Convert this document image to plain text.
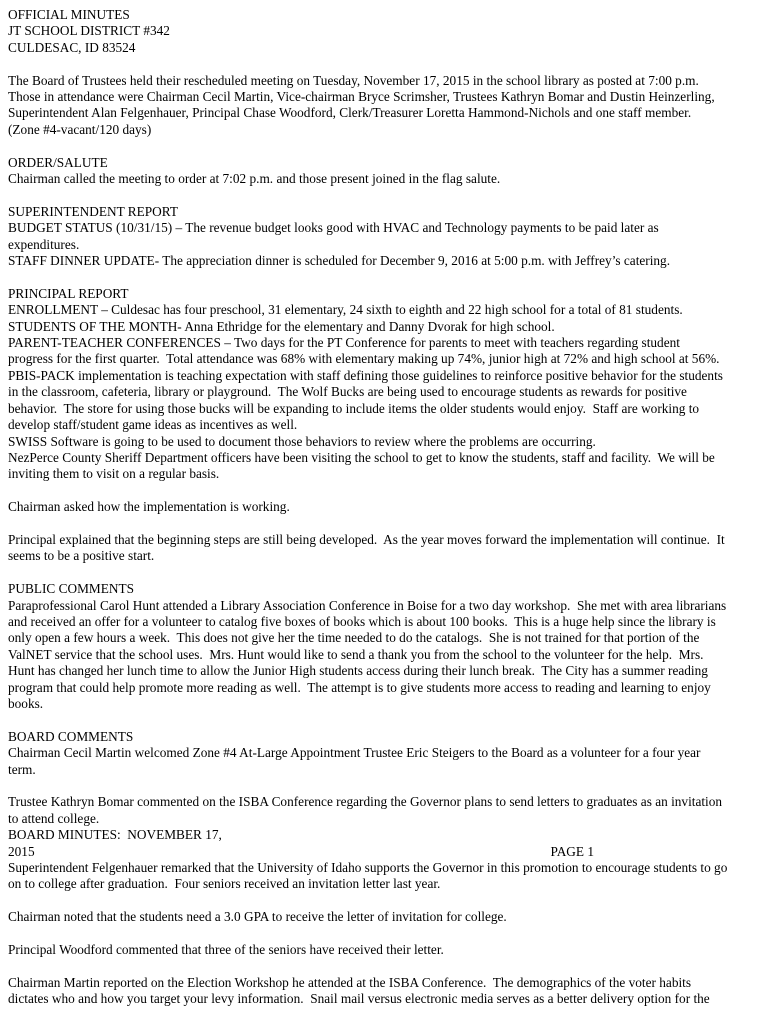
OFFICIAL MINUTES
JT SCHOOL DISTRICT #342
CULDESAC, ID 83524
The Board of Trustees held their rescheduled meeting on Tuesday, November 17, 2015 in the school library as posted at 7:00 p.m.
Those in attendance were Chairman Cecil Martin, Vice-chairman Bryce Scrimsher, Trustees Kathryn Bomar and Dustin Heinzerling,
Superintendent Alan Felgenhauer, Principal Chase Woodford, Clerk/Treasurer Loretta Hammond-Nichols and one staff member.
(Zone #4-vacant/120 days)
ORDER/SALUTE
Chairman called the meeting to order at 7:02 p.m. and those present joined in the flag salute.
SUPERINTENDENT REPORT
BUDGET STATUS (10/31/15) – The revenue budget looks good with HVAC and Technology payments to be paid later as
expenditures.
STAFF DINNER UPDATE- The appreciation dinner is scheduled for December 9, 2016 at 5:00 p.m. with Jeffrey’s catering.
PRINCIPAL REPORT
ENROLLMENT – Culdesac has four preschool, 31 elementary, 24 sixth to eighth and 22 high school for a total of 81 students.
STUDENTS OF THE MONTH- Anna Ethridge for the elementary and Danny Dvorak for high school.
PARENT-TEACHER CONFERENCES – Two days for the PT Conference for parents to meet with teachers regarding student
progress for the first quarter.  Total attendance was 68% with elementary making up 74%, junior high at 72% and high school at 56%.
PBIS-PACK implementation is teaching expectation with staff defining those guidelines to reinforce positive behavior for the students
in the classroom, cafeteria, library or playground.  The Wolf Bucks are being used to encourage students as rewards for positive
behavior.  The store for using those bucks will be expanding to include items the older students would enjoy.  Staff are working to
develop staff/student game ideas as incentives as well.
SWISS Software is going to be used to document those behaviors to review where the problems are occurring.
NezPerce County Sheriff Department officers have been visiting the school to get to know the students, staff and facility.  We will be
inviting them to visit on a regular basis.
Chairman asked how the implementation is working.
Principal explained that the beginning steps are still being developed.  As the year moves forward the implementation will continue.  It
seems to be a positive start.
PUBLIC COMMENTS
Paraprofessional Carol Hunt attended a Library Association Conference in Boise for a two day workshop.  She met with area librarians
and received an offer for a volunteer to catalog five boxes of books which is about 100 books.  This is a huge help since the library is
only open a few hours a week.  This does not give her the time needed to do the catalogs.  She is not trained for that portion of the
ValNET service that the school uses.  Mrs. Hunt would like to send a thank you from the school to the volunteer for the help.  Mrs.
Hunt has changed her lunch time to allow the Junior High students access during their lunch break.  The City has a summer reading
program that could help promote more reading as well.  The attempt is to give students more access to reading and learning to enjoy
books.
BOARD COMMENTS
Chairman Cecil Martin welcomed Zone #4 At-Large Appointment Trustee Eric Steigers to the Board as a volunteer for a four year
term.
Trustee Kathryn Bomar commented on the ISBA Conference regarding the Governor plans to send letters to graduates as an invitation
to attend college.
BOARD MINUTES:  NOVEMBER 17,
2015	PAGE 1
Superintendent Felgenhauer remarked that the University of Idaho supports the Governor in this promotion to encourage students to go
on to college after graduation.  Four seniors received an invitation letter last year.
Chairman noted that the students need a 3.0 GPA to receive the letter of invitation for college.
Principal Woodford commented that three of the seniors have received their letter.
Chairman Martin reported on the Election Workshop he attended at the ISBA Conference.  The demographics of the voter habits
dictates who and how you target your levy information.  Snail mail versus electronic media serves as a better delivery option for the
